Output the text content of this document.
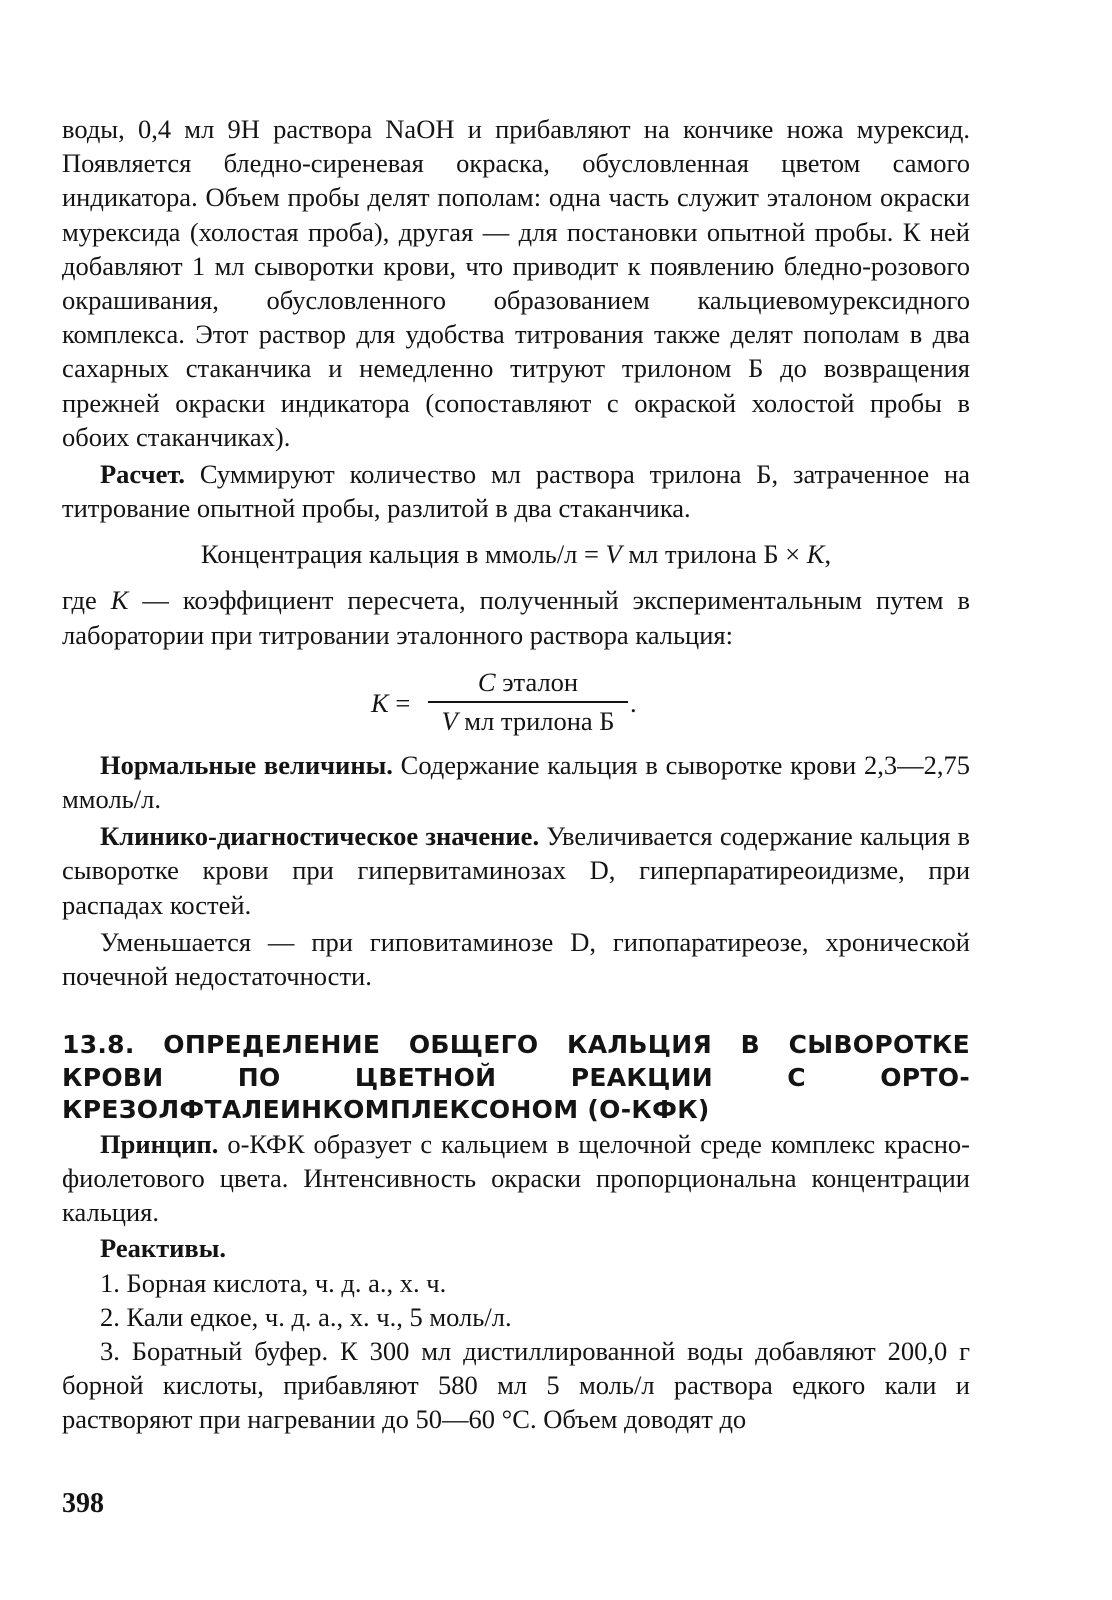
воды, 0,4 мл 9Н раствора NaOH и прибавляют на кончике ножа мурексид. Появляется бледно-сиреневая окраска, обусловленная цветом самого индикатора. Объем пробы делят пополам: одна часть служит эталоном окраски мурексида (холостая проба), другая — для постановки опытной пробы. К ней добавляют 1 мл сыворотки крови, что приводит к появлению бледно-розового окрашивания, обусловленного образованием кальциевомурексидного комплекса. Этот раствор для удобства титрования также делят пополам в два сахарных стаканчика и немедленно титруют трилоном Б до возвращения прежней окраски индикатора (сопоставляют с окраской холостой пробы в обоих стаканчиках).

Расчет. Суммируют количество мл раствора трилона Б, затраченное на титрование опытной пробы, разлитой в два стаканчика.

Концентрация кальция в ммоль/л = V мл трилона Б × K,

где K — коэффициент пересчета, полученный экспериментальным путем в лаборатории при титровании эталонного раствора кальция:

K =
C эталон
V мл трилона Б
.

Нормальные величины. Содержание кальция в сыворотке крови 2,3—2,75 ммоль/л.

Клинико-диагностическое значение. Увеличивается содержание кальция в сыворотке крови при гипервитаминозах D, гиперпаратиреоидизме, при распадах костей.

Уменьшается — при гиповитаминозе D, гипопаратиреозе, хронической почечной недостаточности.

13.8. ОПРЕДЕЛЕНИЕ ОБЩЕГО КАЛЬЦИЯ В СЫВОРОТКЕ КРОВИ ПО ЦВЕТНОЙ РЕАКЦИИ С ОРТО-КРЕЗОЛФТАЛЕИНКОМПЛЕКСОНОМ (О-КФК)

Принцип. о-КФК образует с кальцием в щелочной среде комплекс красно-фиолетового цвета. Интенсивность окраски пропорциональна концентрации кальция.

Реактивы.

1. Борная кислота, ч. д. а., х. ч.

2. Кали едкое, ч. д. а., х. ч., 5 моль/л.

3. Боратный буфер. К 300 мл дистиллированной воды добавляют 200,0 г борной кислоты, прибавляют 580 мл 5 моль/л раствора едкого кали и растворяют при нагревании до 50—60 °С. Объем доводят до

398
